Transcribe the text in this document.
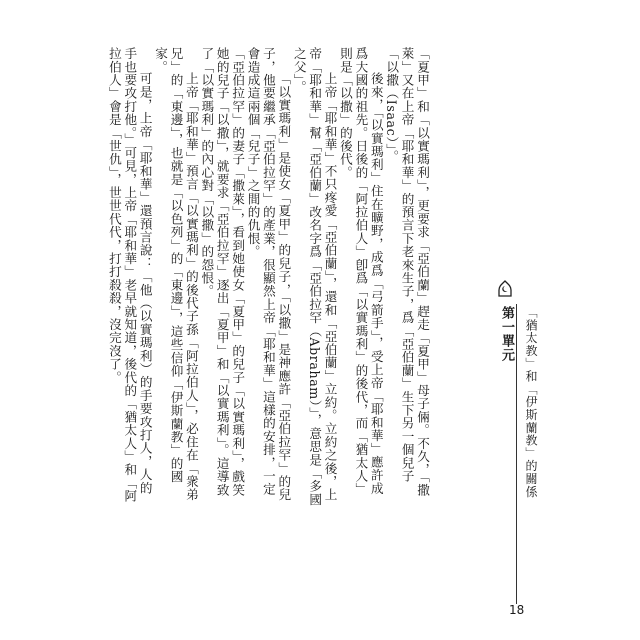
「夏甲」和「以實瑪利」，更要求「亞伯蘭」趕走「夏甲」母子倆。不久，「撒萊」又在上帝「耶和華」的預言下老來生子，爲「亞伯蘭」生下另一個兒子「以撒（Isaac）」。

後來，「以實瑪利」住在曠野，成爲「弓箭手」，受上帝「耶和華」應許成爲大國的祖先。日後的「阿拉伯人」卽爲「以實瑪利」的後代，而「猶太人」則是「以撒」的後代。

上帝「耶和華」不只疼愛「亞伯蘭」，還和「亞伯蘭」立約。立約之後，上帝「耶和華」幫「亞伯蘭」改名字爲「亞伯拉罕（Abraham）」，意思是「多國之父」。

「以實瑪利」是使女「夏甲」的兒子，「以撒」是神應許「亞伯拉罕」的兒子，他要繼承「亞伯拉罕」的產業，很顯然上帝「耶和華」這樣的安排，一定會造成這兩個「兒子」之間的仇恨。

「亞伯拉罕」的妻子「撒萊」，看到她使女「夏甲」的兒子「以實瑪利」，戲笑她的兒子「以撒」，就要求「亞伯拉罕」逐出「夏甲」和「以實瑪利」。這導致了「以實瑪利」的內心對「以撒」的怨恨。

上帝「耶和華」預言「以實瑪利」的後代子孫「阿拉伯人」，必住在「衆弟兄」的「東邊」，也就是「以色列」的「東邊」，這些信仰「伊斯蘭教」的國家。

可是，上帝「耶和華」還預言說：「他（以實瑪利）的手要攻打人，人的手也要攻打他。」可見，上帝「耶和華」老早就知道，後代的「猶太人」和「阿拉伯人」會是「世仇」，世世代代，打打殺殺，沒完沒了。	第一單元 「猶太教」和「伊斯蘭教」的關係
18
